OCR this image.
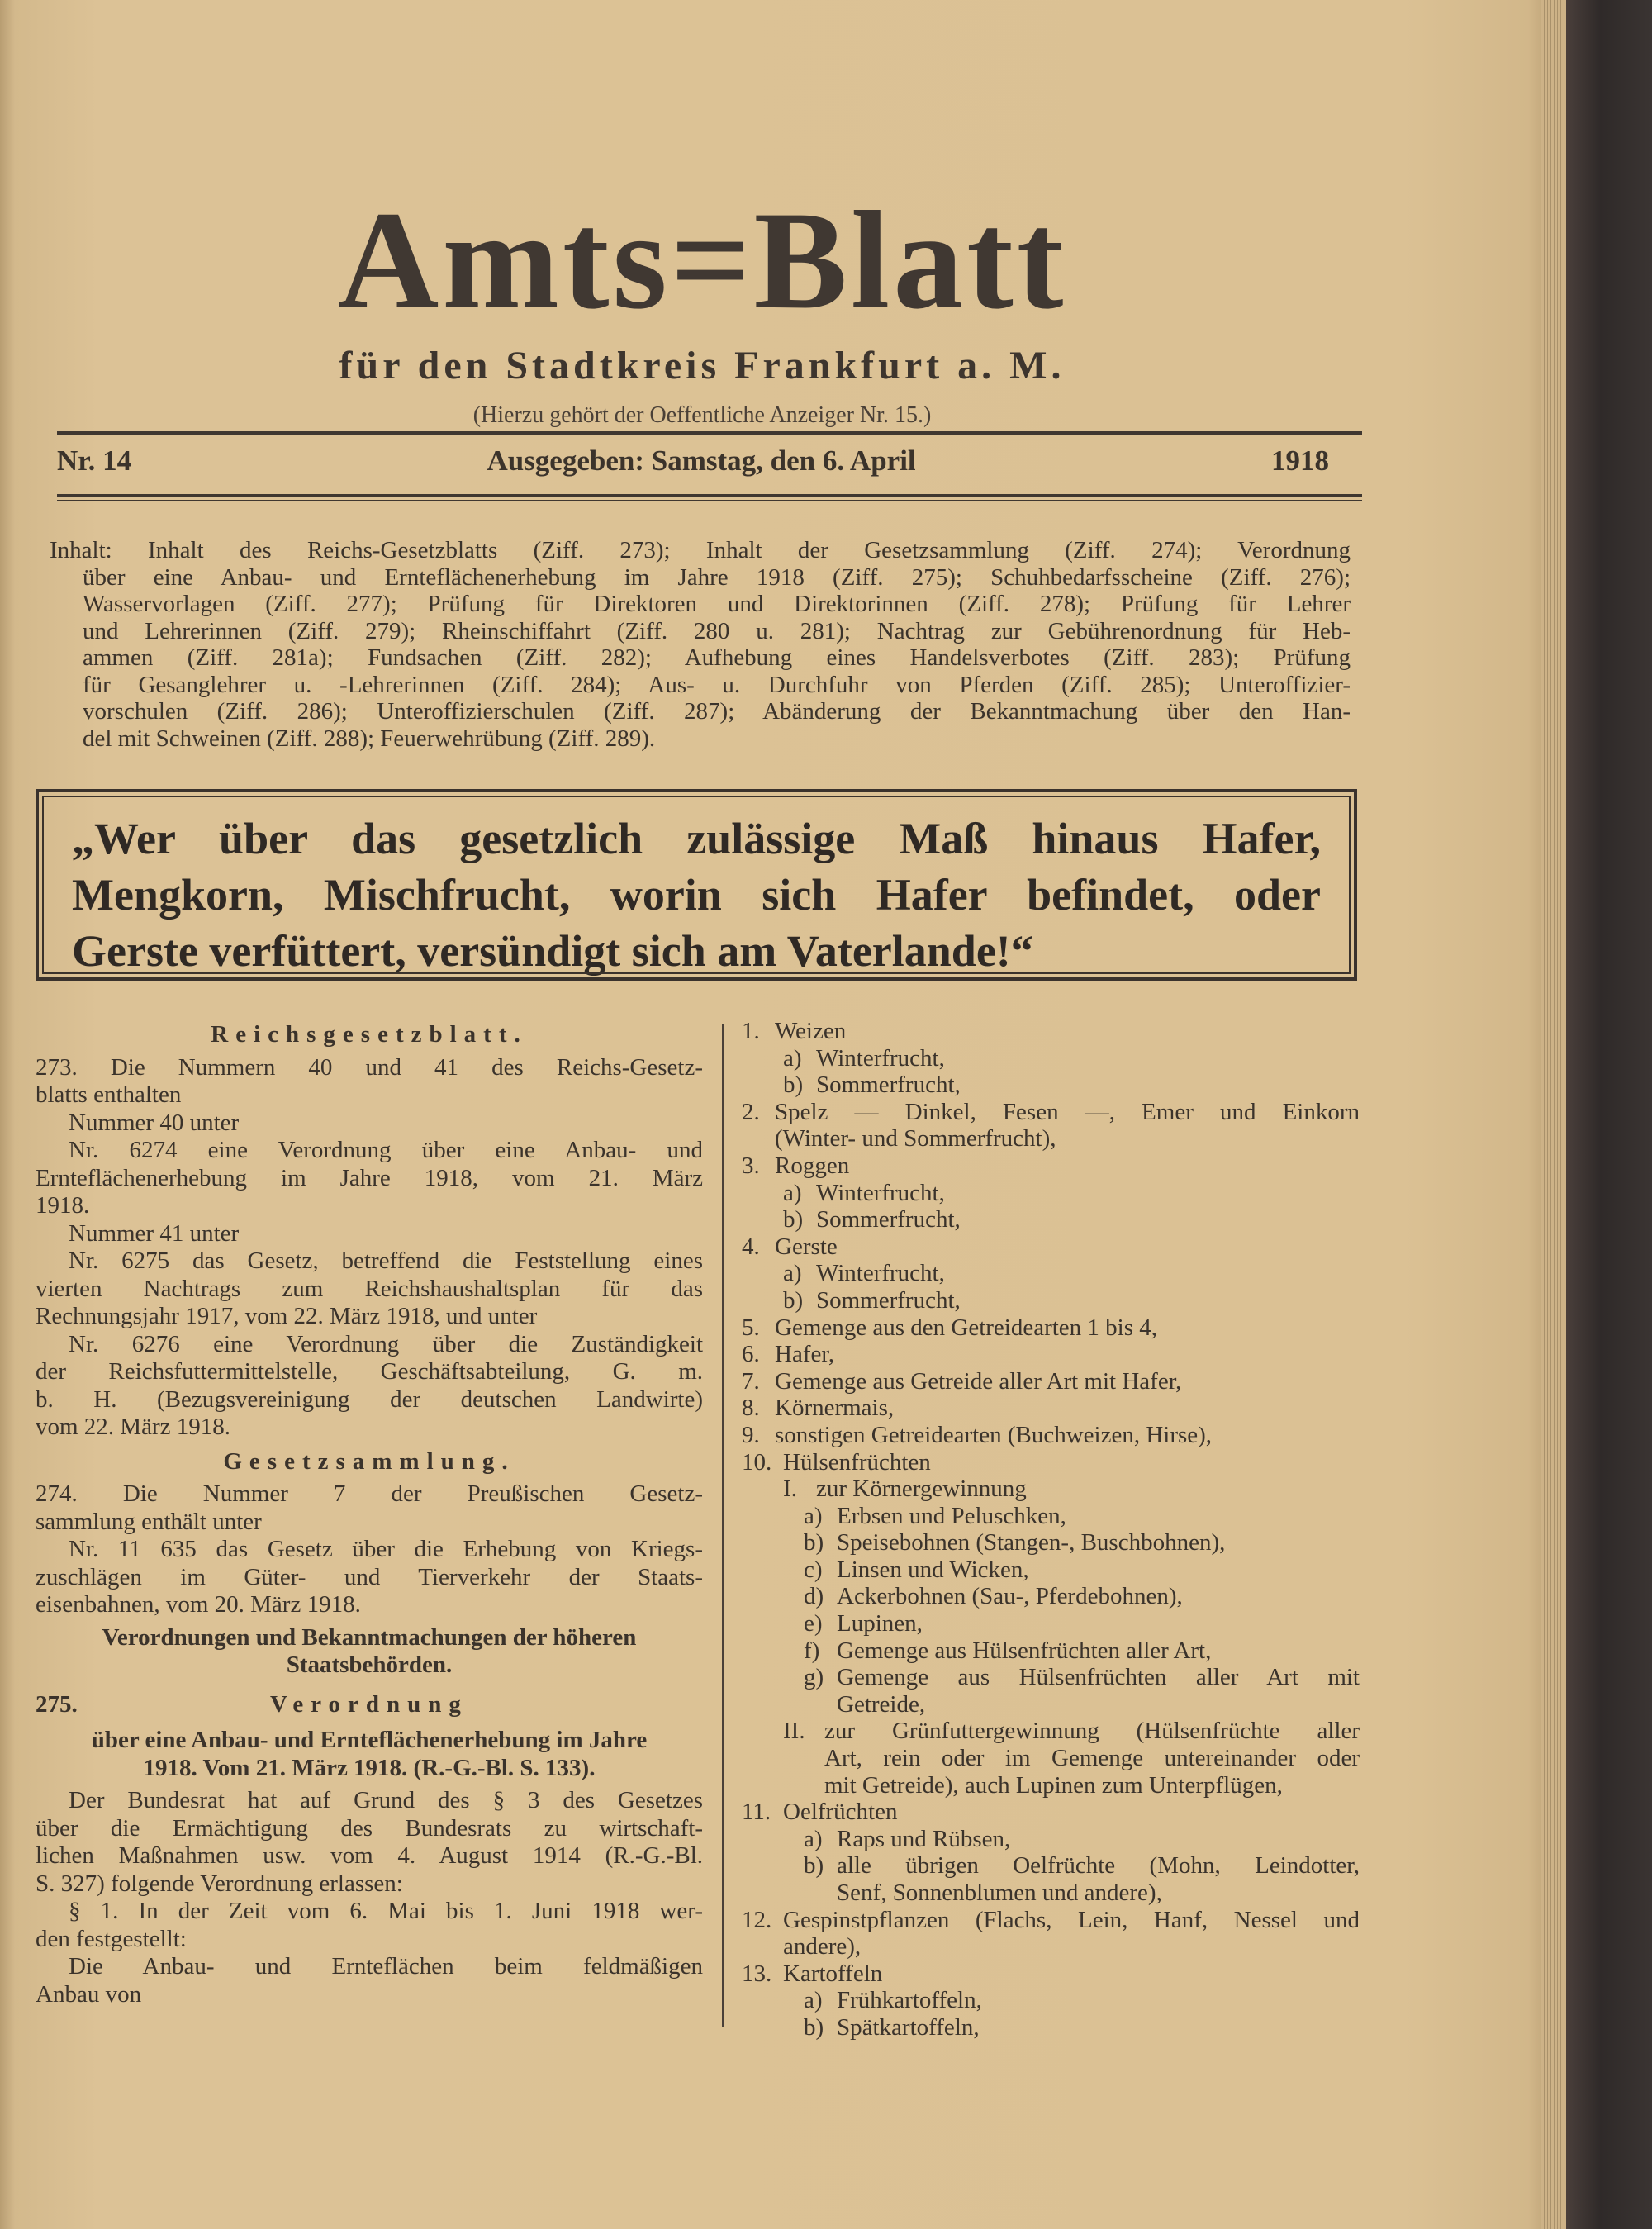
Amts=Blatt
für den Stadtkreis Frankfurt a. M.
(Hierzu gehört der Oeffentliche Anzeiger Nr. 15.)
Nr. 14	Ausgegeben: Samstag, den 6. April	1918
Inhalt: Inhalt des Reichs-Gesetzblatts (Ziff. 273); Inhalt der Gesetzsammlung (Ziff. 274); Verordnung
über eine Anbau- und Ernteflächenerhebung im Jahre 1918 (Ziff. 275); Schuhbedarfsscheine (Ziff. 276);
Wasservorlagen (Ziff. 277); Prüfung für Direktoren und Direktorinnen (Ziff. 278); Prüfung für Lehrer
und Lehrerinnen (Ziff. 279); Rheinschiffahrt (Ziff. 280 u. 281); Nachtrag zur Gebührenordnung für Heb-
ammen (Ziff. 281a); Fundsachen (Ziff. 282); Aufhebung eines Handelsverbotes (Ziff. 283); Prüfung
für Gesanglehrer u. -Lehrerinnen (Ziff. 284); Aus- u. Durchfuhr von Pferden (Ziff. 285); Unteroffizier-
vorschulen (Ziff. 286); Unteroffizierschulen (Ziff. 287); Abänderung der Bekanntmachung über den Han-
del mit Schweinen (Ziff. 288); Feuerwehrübung (Ziff. 289).
„Wer über das gesetzlich zulässige Maß hinaus Hafer,
Mengkorn, Mischfrucht, worin sich Hafer befindet, oder
Gerste verfüttert, versündigt sich am Vaterlande!“
Reichsgesetzblatt.
273. Die Nummern 40 und 41 des Reichs-Gesetz-
blatts enthalten
Nummer 40 unter
Nr. 6274 eine Verordnung über eine Anbau- und
Ernteflächenerhebung im Jahre 1918, vom 21. März
1918.
Nummer 41 unter
Nr. 6275 das Gesetz, betreffend die Feststellung eines
vierten Nachtrags zum Reichshaushaltsplan für das
Rechnungsjahr 1917, vom 22. März 1918, und unter
Nr. 6276 eine Verordnung über die Zuständigkeit
der Reichsfuttermittelstelle, Geschäftsabteilung, G. m.
b. H. (Bezugsvereinigung der deutschen Landwirte)
vom 22. März 1918.
Gesetzsammlung.
274. Die Nummer 7 der Preußischen Gesetz-
sammlung enthält unter
Nr. 11 635 das Gesetz über die Erhebung von Kriegs-
zuschlägen im Güter- und Tierverkehr der Staats-
eisenbahnen, vom 20. März 1918.
Verordnungen und Bekanntmachungen der höheren
Staatsbehörden.
275.	Verordnung
über eine Anbau- und Ernteflächenerhebung im Jahre
1918. Vom 21. März 1918. (R.-G.-Bl. S. 133).
Der Bundesrat hat auf Grund des § 3 des Gesetzes
über die Ermächtigung des Bundesrats zu wirtschaft-
lichen Maßnahmen usw. vom 4. August 1914 (R.-G.-Bl.
S. 327) folgende Verordnung erlassen:
§ 1. In der Zeit vom 6. Mai bis 1. Juni 1918 wer-
den festgestellt:
Die Anbau- und Ernteflächen beim feldmäßigen
Anbau von
1. Weizen
a) Winterfrucht,
b) Sommerfrucht,
2. Spelz — Dinkel, Fesen —, Emer und Einkorn
(Winter- und Sommerfrucht),
3. Roggen
a) Winterfrucht,
b) Sommerfrucht,
4. Gerste
a) Winterfrucht,
b) Sommerfrucht,
5. Gemenge aus den Getreidearten 1 bis 4,
6. Hafer,
7. Gemenge aus Getreide aller Art mit Hafer,
8. Körnermais,
9. sonstigen Getreidearten (Buchweizen, Hirse),
10. Hülsenfrüchten
I. zur Körnergewinnung
a) Erbsen und Peluschken,
b) Speisebohnen (Stangen-, Buschbohnen),
c) Linsen und Wicken,
d) Ackerbohnen (Sau-, Pferdebohnen),
e) Lupinen,
f) Gemenge aus Hülsenfrüchten aller Art,
g) Gemenge aus Hülsenfrüchten aller Art mit
Getreide,
II. zur Grünfuttergewinnung (Hülsenfrüchte aller
Art, rein oder im Gemenge untereinander oder
mit Getreide), auch Lupinen zum Unterpflügen,
11. Oelfrüchten
a) Raps und Rübsen,
b) alle übrigen Oelfrüchte (Mohn, Leindotter,
Senf, Sonnenblumen und andere),
12. Gespinstpflanzen (Flachs, Lein, Hanf, Nessel und
andere),
13. Kartoffeln
a) Frühkartoffeln,
b) Spätkartoffeln,
